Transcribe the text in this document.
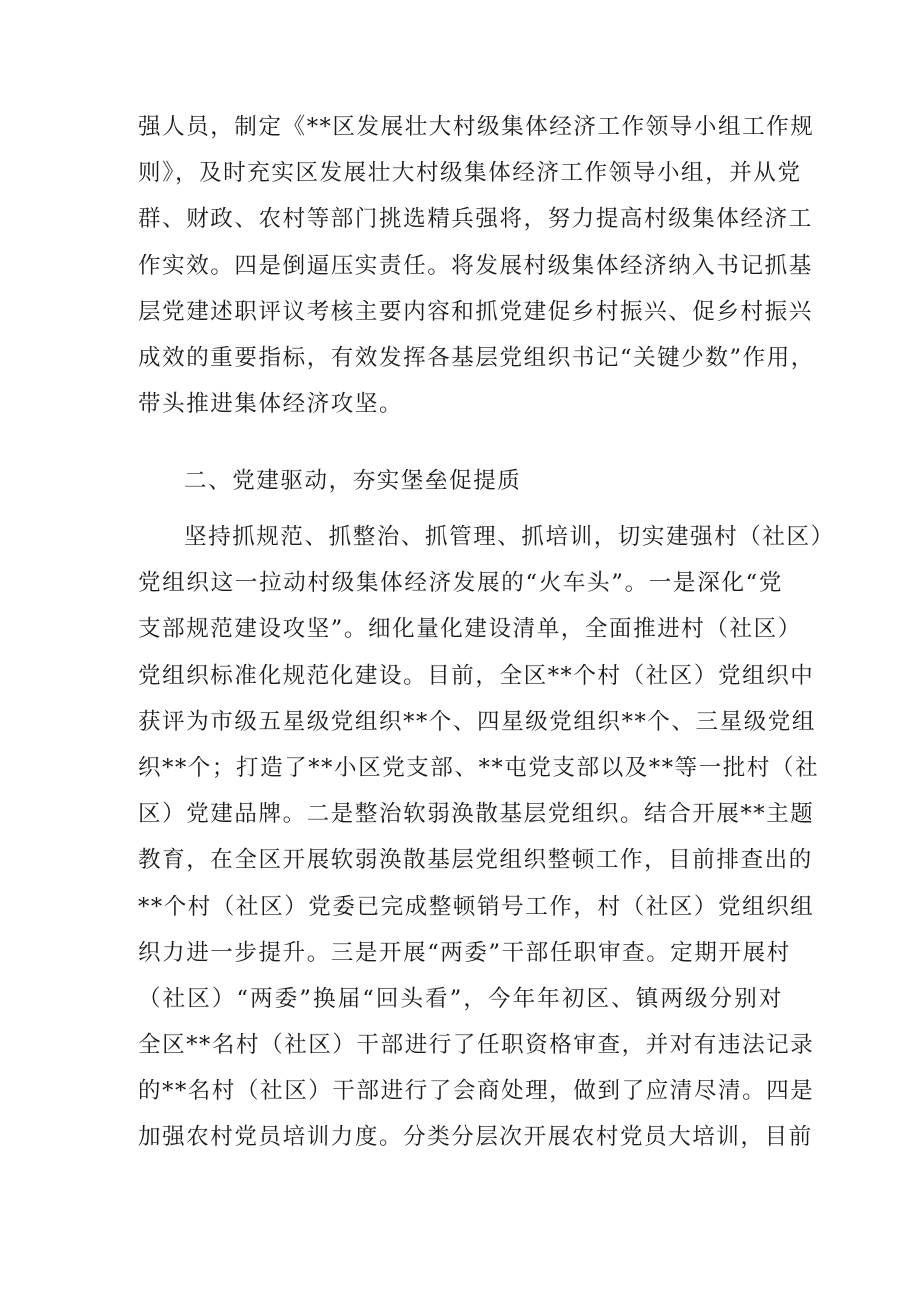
强人员，制定《**区发展壮大村级集体经济工作领导小组工作规
则》，及时充实区发展壮大村级集体经济工作领导小组，并从党
群、财政、农村等部门挑选精兵强将，努力提高村级集体经济工
作实效。四是倒逼压实责任。将发展村级集体经济纳入书记抓基
层党建述职评议考核主要内容和抓党建促乡村振兴、促乡村振兴
成效的重要指标，有效发挥各基层党组织书记“关键少数”作用，
带头推进集体经济攻坚。
二、党建驱动，夯实堡垒促提质
坚持抓规范、抓整治、抓管理、抓培训，切实建强村（社区）
党组织这一拉动村级集体经济发展的“火车头”。一是深化“党
支部规范建设攻坚”。细化量化建设清单，全面推进村（社区）
党组织标准化规范化建设。目前，全区**个村（社区）党组织中
获评为市级五星级党组织**个、四星级党组织**个、三星级党组
织**个；打造了**小区党支部、**屯党支部以及**等一批村（社
区）党建品牌。二是整治软弱涣散基层党组织。结合开展**主题
教育，在全区开展软弱涣散基层党组织整顿工作，目前排查出的
**个村（社区）党委已完成整顿销号工作，村（社区）党组织组
织力进一步提升。三是开展“两委”干部任职审查。定期开展村
（社区）“两委”换届“回头看”，今年年初区、镇两级分别对
全区**名村（社区）干部进行了任职资格审查，并对有违法记录
的**名村（社区）干部进行了会商处理，做到了应清尽清。四是
加强农村党员培训力度。分类分层次开展农村党员大培训，目前
